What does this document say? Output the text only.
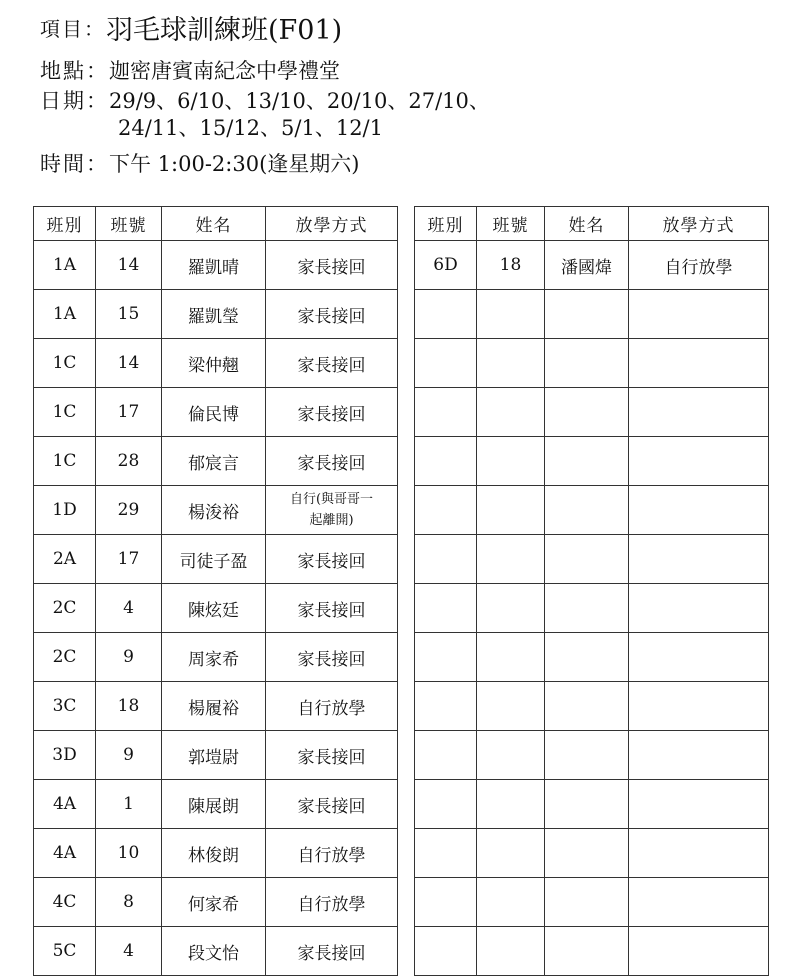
項目：羽毛球訓練班(F01)
地點：迦密唐賓南紀念中學禮堂
日期：29/9、6/10、13/10、20/10、27/10、
24/11、15/12、5/1、12/1
時間：下午 1:00-2:30(逢星期六)
班別	班號	姓名	放學方式
1A	14	羅凱晴	家長接回
1A	15	羅凱瑩	家長接回
1C	14	梁仲翹	家長接回
1C	17	倫民博	家長接回
1C	28	郁宸言	家長接回
1D	29	楊浚裕	自行(與哥哥一
起離開)

2A	17	司徒子盈	家長接回
2C	4	陳炫廷	家長接回
2C	9	周家希	家長接回
3C	18	楊履裕	自行放學
3D	9	郭塏尉	家長接回
4A	1	陳展朗	家長接回
4A	10	林俊朗	自行放學
4C	8	何家希	自行放學
5C	4	段文怡	家長接回
班別	班號	姓名	放學方式
6D	18	潘國煒	自行放學
